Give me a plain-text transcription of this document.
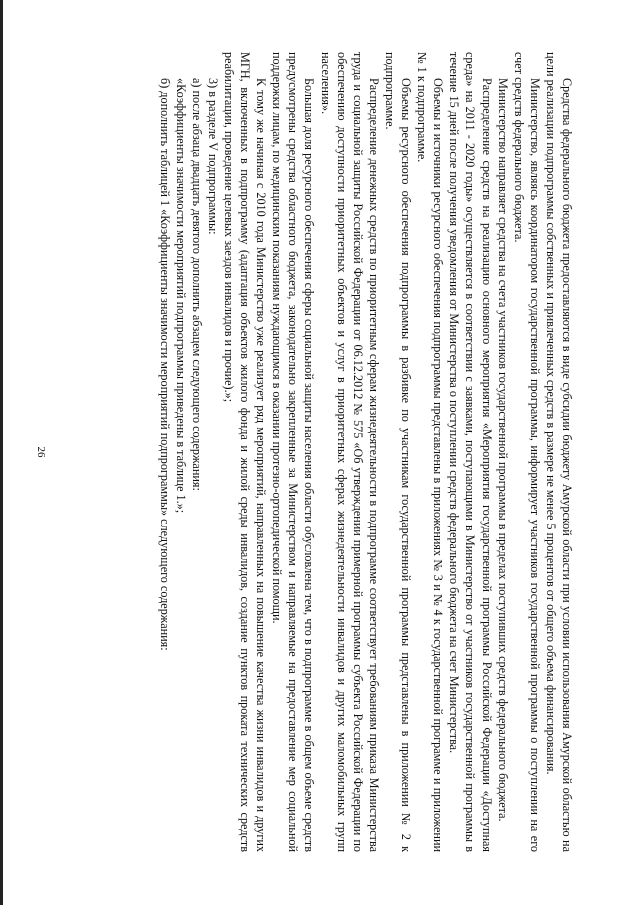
26	Средства федерального бюджета предоставляются в виде субсидии бюджету Амурской области при условии использования Амурской областью на цели реализации подпрограммы собственных и привлеченных средств в размере не менее 5 процентов от общего объема финансирования.

Министерство, являясь координатором государственной программы, информирует участников государственной программы о поступлении на его счет средств федерального бюджета.

Министерство направляет средства на счета участников государственной программы в пределах поступивших средств федерального бюджета.

Распределение средств на реализацию основного мероприятия «Мероприятия государственной программы Российской Федерации «Доступная среда» на 2011 - 2020 годы» осуществляется в соответствии с заявками, поступающими в Министерство от участников государственной программы в течение 15 дней после получения уведомления от Министерства о поступлении средств федерального бюджета на счет Министерства.

Объемы и источники ресурсного обеспечения подпрограммы представлены в приложениях № 3 и № 4 к государственной программе и приложении № 1 к подпрограмме.

Объемы ресурсного обеспечения подпрограммы в разбивке по участникам государственной программы представлены в приложении № 2 к подпрограмме.

Распределение денежных средств по приоритетным сферам жизнедеятельности в подпрограмме соответствует требованиям приказа Министерства труда и социальной защиты Российской Федерации от 06.12.2012 № 575 «Об утверждении примерной программы субъекта Российской Федерации по обеспечению доступности приоритетных объектов и услуг в приоритетных сферах жизнедеятельности инвалидов и других маломобильных групп населения».

Большая доля ресурсного обеспечения сферы социальной защиты населения области обусловлена тем, что в подпрограмме в общем объеме средств предусмотрены средства областного бюджета, законодательно закрепленные за Министерством и направляемые на предоставление мер социальной поддержки лицам, по медицинским показаниям нуждающимся в оказании протезно-ортопедической помощи.

К тому же начиная с 2010 года Министерство уже реализует ряд мероприятий, направленных на повышение качества жизни инвалидов и других МГН, включенных в подпрограмму (адаптация объектов жилого фонда и жилой среды инвалидов, создание пунктов проката технических средств реабилитации, проведение целевых заездов инвалидов и прочие).»;

3) в разделе V подпрограммы:

а) после абзаца двадцать девятого дополнить абзацем следующего содержания:

«Коэффициенты значимости мероприятий подпрограммы приведены в таблице 1.»;

б) дополнить таблицей 1 «Коэффициенты значимости мероприятий подпрограммы» следующего содержания:
